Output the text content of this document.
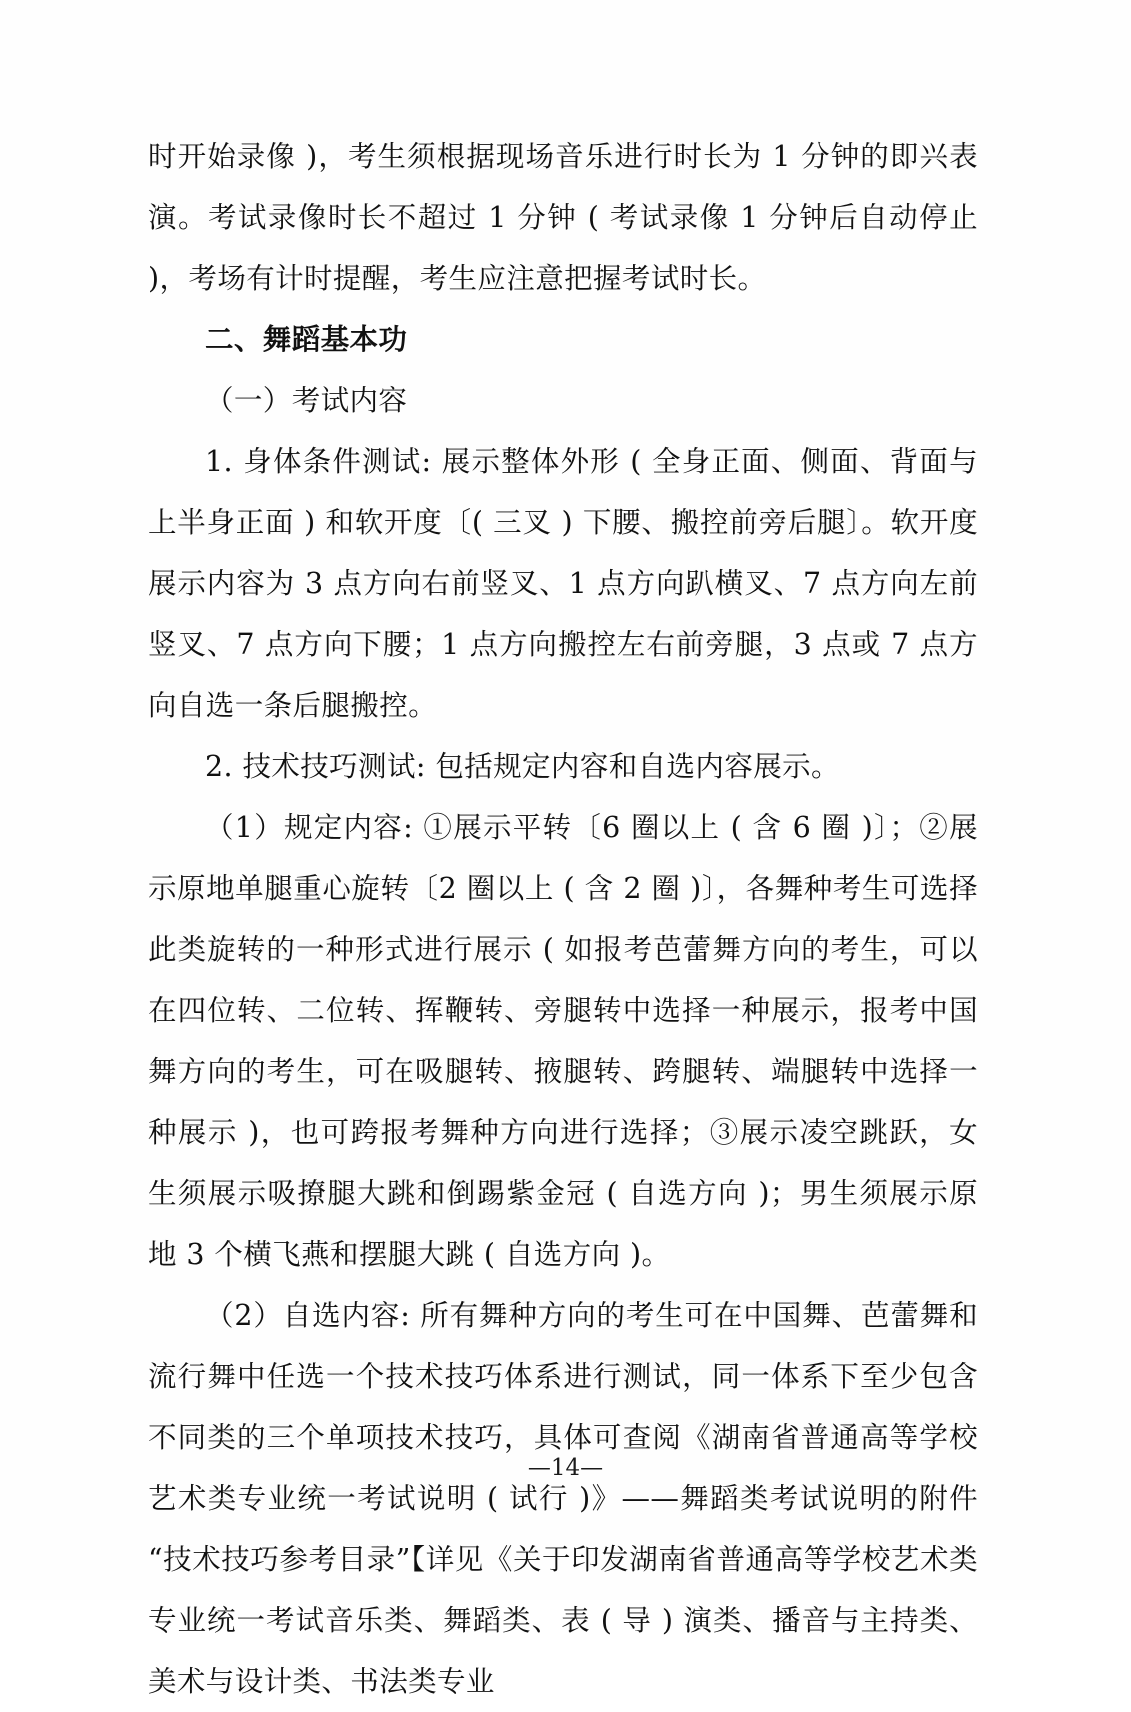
时开始录像 )，考生须根据现场音乐进行时长为 1 分钟的即兴表演。考试录像时长不超过 1 分钟 ( 考试录像 1 分钟后自动停止 )，考场有计时提醒，考生应注意把握考试时长。

二、舞蹈基本功

（一）考试内容

1. 身体条件测试: 展示整体外形 ( 全身正面、侧面、背面与上半身正面 ) 和软开度〔( 三叉 ) 下腰、搬控前旁后腿〕。软开度展示内容为 3 点方向右前竖叉、1 点方向趴横叉、7 点方向左前竖叉、7 点方向下腰；1 点方向搬控左右前旁腿，3 点或 7 点方向自选一条后腿搬控。

2. 技术技巧测试: 包括规定内容和自选内容展示。

（1）规定内容: ①展示平转〔6 圈以上 ( 含 6 圈 )〕；②展示原地单腿重心旋转〔2 圈以上 ( 含 2 圈 )〕，各舞种考生可选择此类旋转的一种形式进行展示 ( 如报考芭蕾舞方向的考生，可以在四位转、二位转、挥鞭转、旁腿转中选择一种展示，报考中国舞方向的考生，可在吸腿转、掖腿转、跨腿转、端腿转中选择一种展示 )，也可跨报考舞种方向进行选择；③展示凌空跳跃，女生须展示吸撩腿大跳和倒踢紫金冠 ( 自选方向 )；男生须展示原地 3 个横飞燕和摆腿大跳 ( 自选方向 )。

（2）自选内容: 所有舞种方向的考生可在中国舞、芭蕾舞和流行舞中任选一个技术技巧体系进行测试，同一体系下至少包含不同类的三个单项技术技巧，具体可查阅《湖南省普通高等学校艺术类专业统一考试说明 ( 试行 )》——舞蹈类考试说明的附件 “技术技巧参考目录”【详见《关于印发湖南省普通高等学校艺术类专业统一考试音乐类、舞蹈类、表 ( 导 ) 演类、播音与主持类、美术与设计类、书法类专业

—14—
